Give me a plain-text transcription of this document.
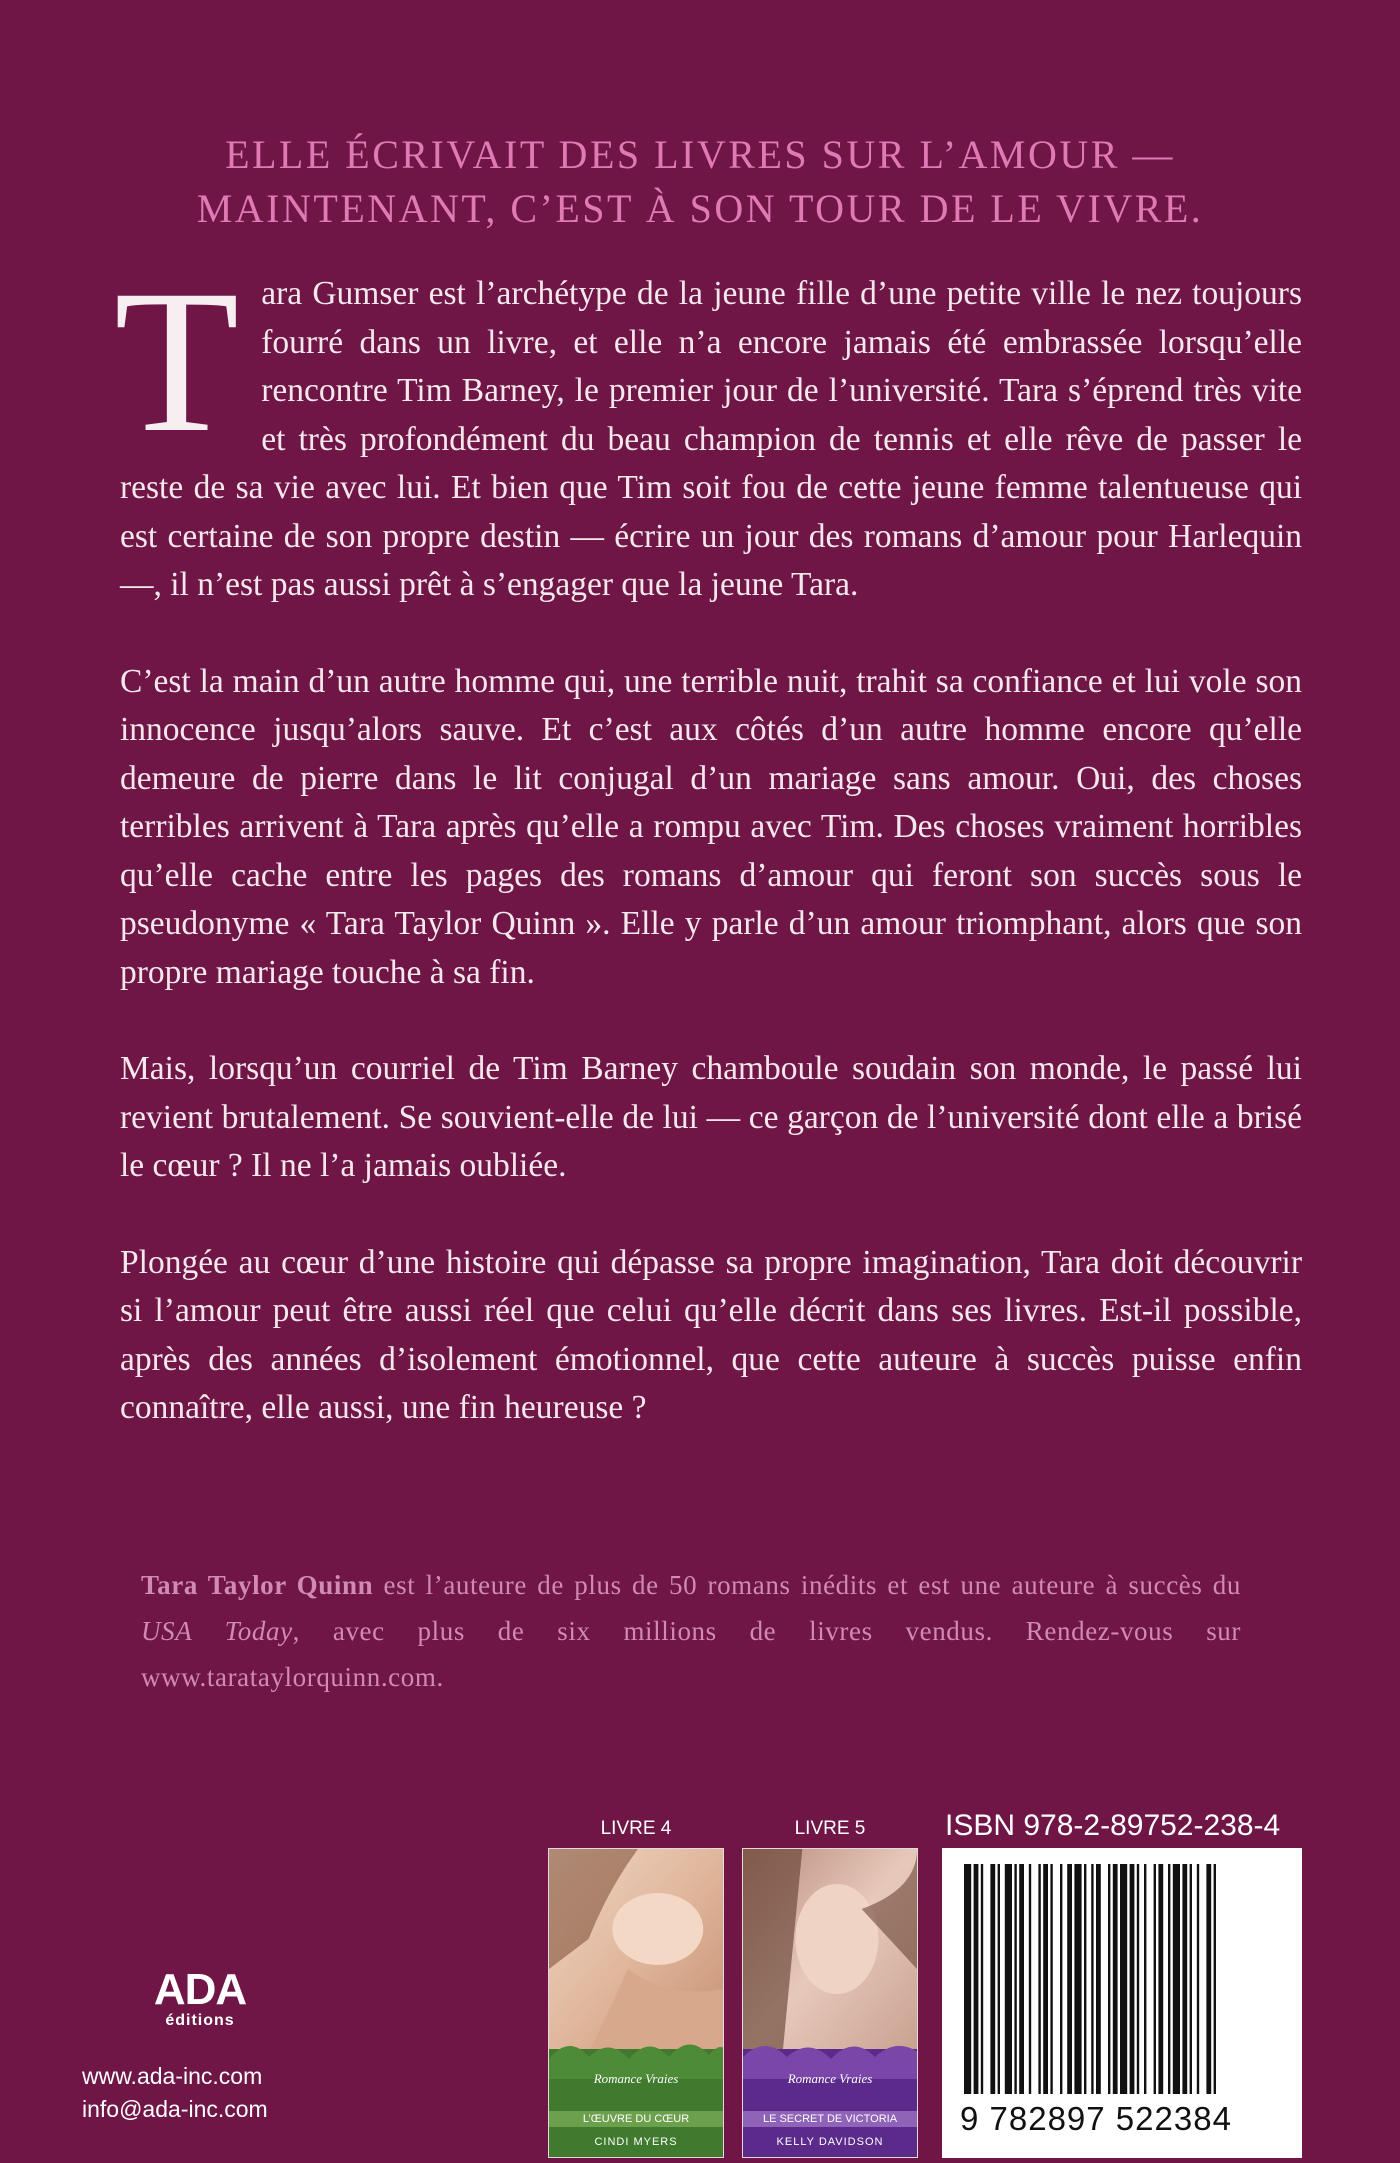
ELLE ÉCRIVAIT DES LIVRES SUR L’AMOUR —
MAINTENANT, C’EST À SON TOUR DE LE VIVRE.

Tara Gumser est l’archétype de la jeune fille d’une petite ville le nez toujours fourré dans un livre, et elle n’a encore jamais été embrassée lorsqu’elle rencontre Tim Barney, le premier jour de l’université. Tara s’éprend très vite et très profondément du beau champion de tennis et elle rêve de passer le reste de sa vie avec lui. Et bien que Tim soit fou de cette jeune femme talentueuse qui est certaine de son propre destin — écrire un jour des romans d’amour pour Harlequin —, il n’est pas aussi prêt à s’engager que la jeune Tara.

C’est la main d’un autre homme qui, une terrible nuit, trahit sa confiance et lui vole son innocence jusqu’alors sauve. Et c’est aux côtés d’un autre homme encore qu’elle demeure de pierre dans le lit conjugal d’un mariage sans amour. Oui, des choses terribles arrivent à Tara après qu’elle a rompu avec Tim. Des choses vraiment horribles qu’elle cache entre les pages des romans d’amour qui feront son succès sous le pseudonyme « Tara Taylor Quinn ». Elle y parle d’un amour triomphant, alors que son propre mariage touche à sa fin.

Mais, lorsqu’un courriel de Tim Barney chamboule soudain son monde, le passé lui revient brutalement. Se souvient-elle de lui — ce garçon de l’université dont elle a brisé le cœur ? Il ne l’a jamais oubliée.

Plongée au cœur d’une histoire qui dépasse sa propre imagination, Tara doit découvrir si l’amour peut être aussi réel que celui qu’elle décrit dans ses livres. Est-il possible, après des années d’isolement émotionnel, que cette auteure à succès puisse enfin connaître, elle aussi, une fin heureuse ?

Tara Taylor Quinn est l’auteure de plus de 50 romans inédits et est une auteure à succès du USA Today, avec plus de six millions de livres vendus. Rendez-vous sur www.tarataylorquinn.com.
LIVRE 4
Romance Vraies
L’ŒUVRE DU CŒUR
CINDI MYERS
LIVRE 5
Romance Vraies
LE SECRET DE VICTORIA
KELLY DAVIDSON
ISBN 978-2-89752-238-4
9 782897 522384
ADA
éditions
www.ada-inc.com
info@ada-inc.com
